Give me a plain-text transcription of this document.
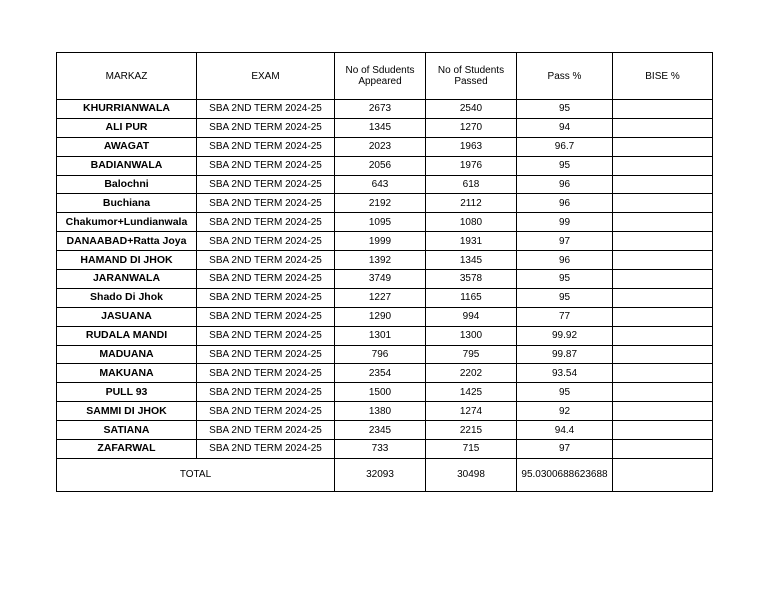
MARKAZ	EXAM	No of Sdudents Appeared	No of Students Passed	Pass %	BISE %
KHURRIANWALA	SBA 2ND TERM 2024-25	2673	2540	95	
ALI PUR	SBA 2ND TERM 2024-25	1345	1270	94	
AWAGAT	SBA 2ND TERM 2024-25	2023	1963	96.7	
BADIANWALA	SBA 2ND TERM 2024-25	2056	1976	95	
Balochni	SBA 2ND TERM 2024-25	643	618	96	
Buchiana	SBA 2ND TERM 2024-25	2192	2112	96	
Chakumor+Lundianwala	SBA 2ND TERM 2024-25	1095	1080	99	
DANAABAD+Ratta Joya	SBA 2ND TERM 2024-25	1999	1931	97	
HAMAND DI JHOK	SBA 2ND TERM 2024-25	1392	1345	96	
JARANWALA	SBA 2ND TERM 2024-25	3749	3578	95	
Shado Di Jhok	SBA 2ND TERM 2024-25	1227	1165	95	
JASUANA	SBA 2ND TERM 2024-25	1290	994	77	
RUDALA MANDI	SBA 2ND TERM 2024-25	1301	1300	99.92	
MADUANA	SBA 2ND TERM 2024-25	796	795	99.87	
MAKUANA	SBA 2ND TERM 2024-25	2354	2202	93.54	
PULL 93	SBA 2ND TERM 2024-25	1500	1425	95	
SAMMI DI JHOK	SBA 2ND TERM 2024-25	1380	1274	92	
SATIANA	SBA 2ND TERM 2024-25	2345	2215	94.4	
ZAFARWAL	SBA 2ND TERM 2024-25	733	715	97	
TOTAL		32093	30498	95.0300688623688	
